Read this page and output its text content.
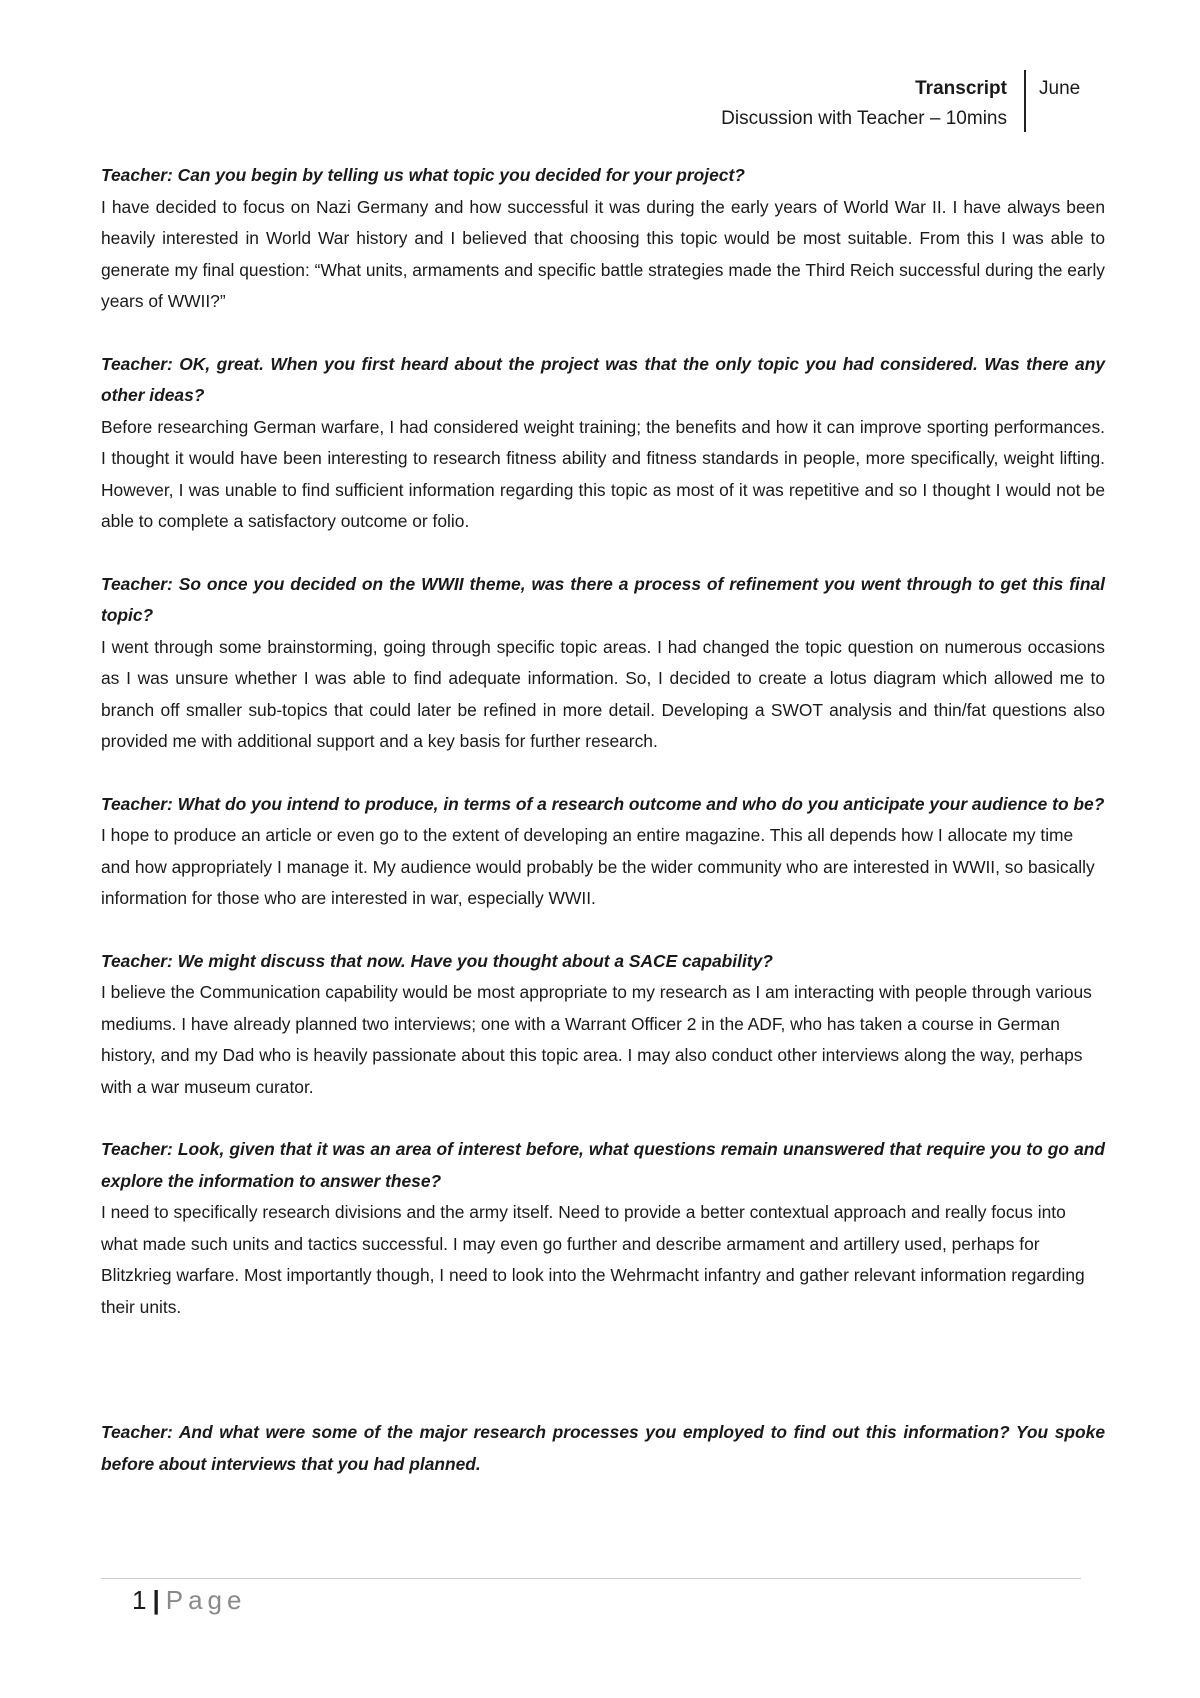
Transcript
Discussion with Teacher – 10mins
June

Teacher: Can you begin by telling us what topic you decided for your project?

I have decided to focus on Nazi Germany and how successful it was during the early years of World War II. I have always been heavily interested in World War history and I believed that choosing this topic would be most suitable. From this I was able to generate my final question: “What units, armaments and specific battle strategies made the Third Reich successful during the early years of WWII?”

Teacher: OK, great. When you first heard about the project was that the only topic you had considered. Was there any other ideas?

Before researching German warfare, I had considered weight training; the benefits and how it can improve sporting performances. I thought it would have been interesting to research fitness ability and fitness standards in people, more specifically, weight lifting. However, I was unable to find sufficient information regarding this topic as most of it was repetitive and so I thought I would not be able to complete a satisfactory outcome or folio.

Teacher: So once you decided on the WWII theme, was there a process of refinement you went through to get this final topic?

I went through some brainstorming, going through specific topic areas. I had changed the topic question on numerous occasions as I was unsure whether I was able to find adequate information. So, I decided to create a lotus diagram which allowed me to branch off smaller sub-topics that could later be refined in more detail. Developing a SWOT analysis and thin/fat questions also provided me with additional support and a key basis for further research.

Teacher: What do you intend to produce, in terms of a research outcome and who do you anticipate your audience to be?

I hope to produce an article or even go to the extent of developing an entire magazine. This all depends how I allocate my time and how appropriately I manage it. My audience would probably be the wider community who are interested in WWII, so basically information for those who are interested in war, especially WWII.

Teacher: We might discuss that now. Have you thought about a SACE capability?

I believe the Communication capability would be most appropriate to my research as I am interacting with people through various mediums. I have already planned two interviews; one with a Warrant Officer 2 in the ADF, who has taken a course in German history, and my Dad who is heavily passionate about this topic area. I may also conduct other interviews along the way, perhaps with a war museum curator.

Teacher: Look, given that it was an area of interest before, what questions remain unanswered that require you to go and explore the information to answer these?

I need to specifically research divisions and the army itself. Need to provide a better contextual approach and really focus into what made such units and tactics successful. I may even go further and describe armament and artillery used, perhaps for Blitzkrieg warfare. Most importantly though, I need to look into the Wehrmacht infantry and gather relevant information regarding their units.

Teacher: And what were some of the major research processes you employed to find out this information? You spoke before about interviews that you had planned.

1 | Page
